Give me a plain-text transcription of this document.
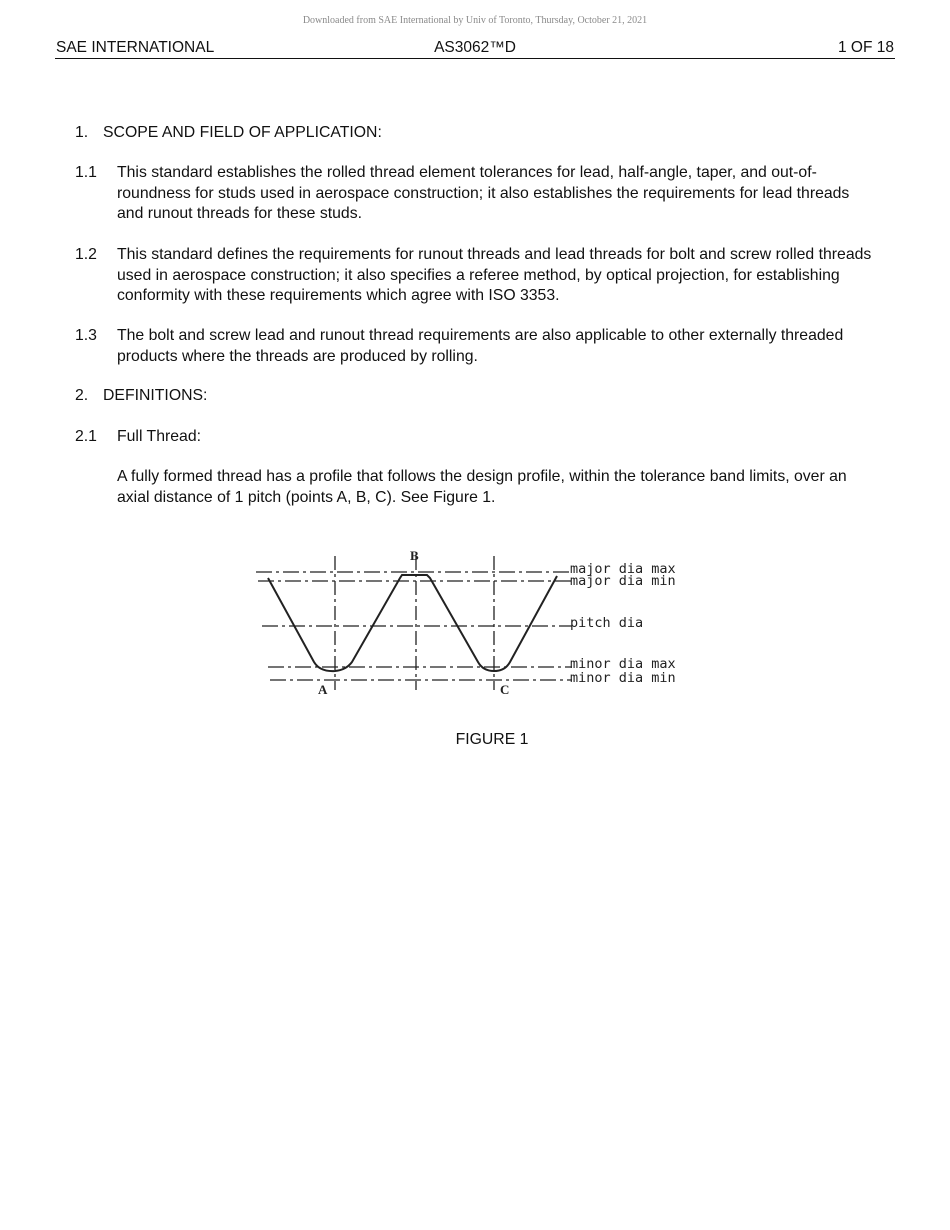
Downloaded from SAE International by Univ of Toronto, Thursday, October 21, 2021
SAE INTERNATIONAL	AS3062™D	1 OF 18
1. SCOPE AND FIELD OF APPLICATION:
1.1 This standard establishes the rolled thread element tolerances for lead, half-angle, taper, and out-of-roundness for studs used in aerospace construction; it also establishes the requirements for lead threads and runout threads for these studs.
1.2 This standard defines the requirements for runout threads and lead threads for bolt and screw rolled threads used in aerospace construction; it also specifies a referee method, by optical projection, for establishing conformity with these requirements which agree with ISO 3353.
1.3 The bolt and screw lead and runout thread requirements are also applicable to other externally threaded products where the threads are produced by rolling.
2. DEFINITIONS:
2.1 Full Thread:
A fully formed thread has a profile that follows the design profile, within the tolerance band limits, over an axial distance of 1 pitch (points A, B, C). See Figure 1.
B
A	C
major dia max
major dia min
pitch dia
minor dia max
minor dia min
FIGURE 1
